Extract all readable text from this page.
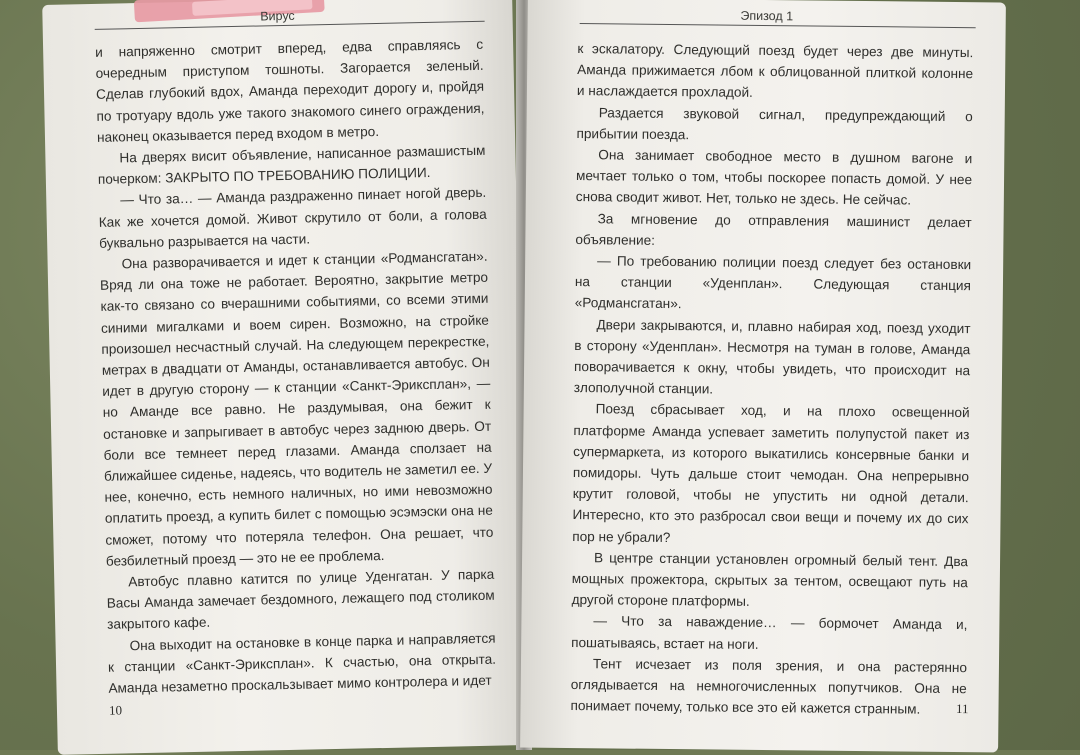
Вирус

и напряженно смотрит вперед, едва справляясь с очередным приступом тошноты. Загорается зеленый. Сделав глубокий вдох, Аманда переходит дорогу и, пройдя по тротуару вдоль уже такого знакомого синего ограждения, наконец оказывается перед входом в метро.

На дверях висит объявление, написанное размашистым почерком: ЗАКРЫТО ПО ТРЕБОВАНИЮ ПОЛИЦИИ.

— Что за… — Аманда раздраженно пинает ногой дверь. Как же хочется домой. Живот скрутило от боли, а голова буквально разрывается на части.

Она разворачивается и идет к станции «Родмансгатан». Вряд ли она тоже не работает. Вероятно, закрытие метро как-то связано со вчерашними событиями, со всеми этими синими мигалками и воем сирен. Возможно, на стройке произошел несчастный случай. На следующем перекрестке, метрах в двадцати от Аманды, останавливается автобус. Он идет в другую сторону — к станции «Санкт-Эриксплан», — но Аманде все равно. Не раздумывая, она бежит к остановке и запрыгивает в автобус через заднюю дверь. От боли все темнеет перед глазами. Аманда сползает на ближайшее сиденье, надеясь, что водитель не заметил ее. У нее, конечно, есть немного наличных, но ими невозможно оплатить проезд, а купить билет с помощью эсэмэски она не сможет, потому что потеряла телефон. Она решает, что безбилетный проезд — это не ее проблема.

Автобус плавно катится по улице Уденгатан. У парка Васы Аманда замечает бездомного, лежащего под столиком закрытого кафе.

Она выходит на остановке в конце парка и направляется к станции «Санкт-Эриксплан». К счастью, она открыта. Аманда незаметно проскальзывает мимо контролера и идет

10
Эпизод 1

к эскалатору. Следующий поезд будет через две минуты. Аманда прижимается лбом к облицованной плиткой колонне и наслаждается прохладой.

Раздается звуковой сигнал, предупреждающий о прибытии поезда.

Она занимает свободное место в душном вагоне и мечтает только о том, чтобы поскорее попасть домой. У нее снова сводит живот. Нет, только не здесь. Не сейчас.

За мгновение до отправления машинист делает объявление:

— По требованию полиции поезд следует без остановки на станции «Уденплан». Следующая станция «Родмансгатан».

Двери закрываются, и, плавно набирая ход, поезд уходит в сторону «Уденплан». Несмотря на туман в голове, Аманда поворачивается к окну, чтобы увидеть, что происходит на злополучной станции.

Поезд сбрасывает ход, и на плохо освещенной платформе Аманда успевает заметить полупустой пакет из супермаркета, из которого выкатились консервные банки и помидоры. Чуть дальше стоит чемодан. Она непрерывно крутит головой, чтобы не упустить ни одной детали. Интересно, кто это разбросал свои вещи и почему их до сих пор не убрали?

В центре станции установлен огромный белый тент. Два мощных прожектора, скрытых за тентом, освещают путь на другой стороне платформы.

— Что за наваждение… — бормочет Аманда и, пошатываясь, встает на ноги.

Тент исчезает из поля зрения, и она растерянно оглядывается на немногочисленных попутчиков. Она не понимает почему, только все это ей кажется странным.	11
